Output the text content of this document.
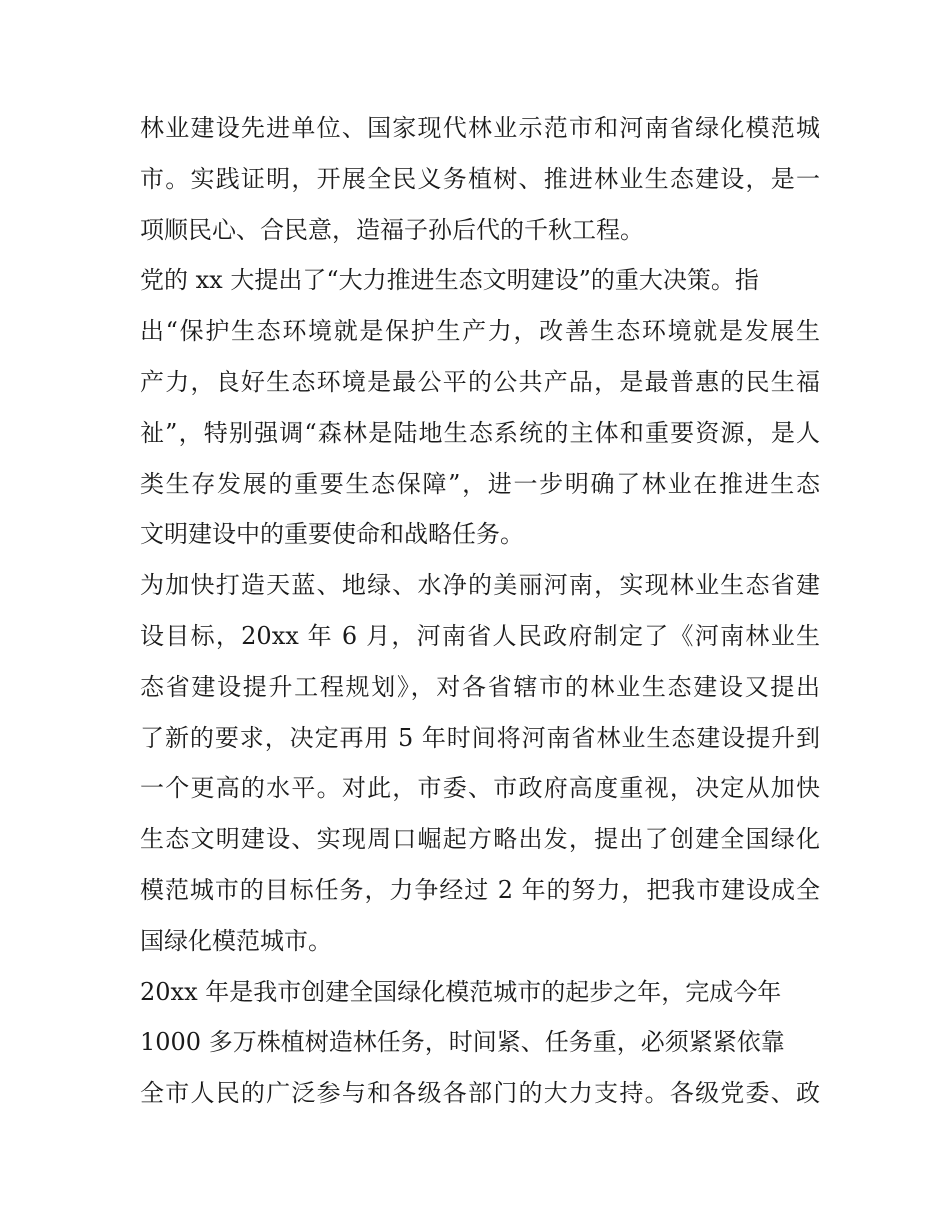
林业建设先进单位、国家现代林业示范市和河南省绿化模范城
市。实践证明，开展全民义务植树、推进林业生态建设，是一
项顺民心、合民意，造福子孙后代的千秋工程。
党的 xx 大提出了“大力推进生态文明建设”的重大决策。指
出“保护生态环境就是保护生产力，改善生态环境就是发展生
产力，良好生态环境是最公平的公共产品，是最普惠的民生福
祉”，特别强调“森林是陆地生态系统的主体和重要资源，是人
类生存发展的重要生态保障”，进一步明确了林业在推进生态
文明建设中的重要使命和战略任务。
为加快打造天蓝、地绿、水净的美丽河南，实现林业生态省建
设目标，20xx 年 6 月，河南省人民政府制定了《河南林业生
态省建设提升工程规划》，对各省辖市的林业生态建设又提出
了新的要求，决定再用 5 年时间将河南省林业生态建设提升到
一个更高的水平。对此，市委、市政府高度重视，决定从加快
生态文明建设、实现周口崛起方略出发，提出了创建全国绿化
模范城市的目标任务，力争经过 2 年的努力，把我市建设成全
国绿化模范城市。
20xx 年是我市创建全国绿化模范城市的起步之年，完成今年
1000 多万株植树造林任务，时间紧、任务重，必须紧紧依靠
全市人民的广泛参与和各级各部门的大力支持。各级党委、政
